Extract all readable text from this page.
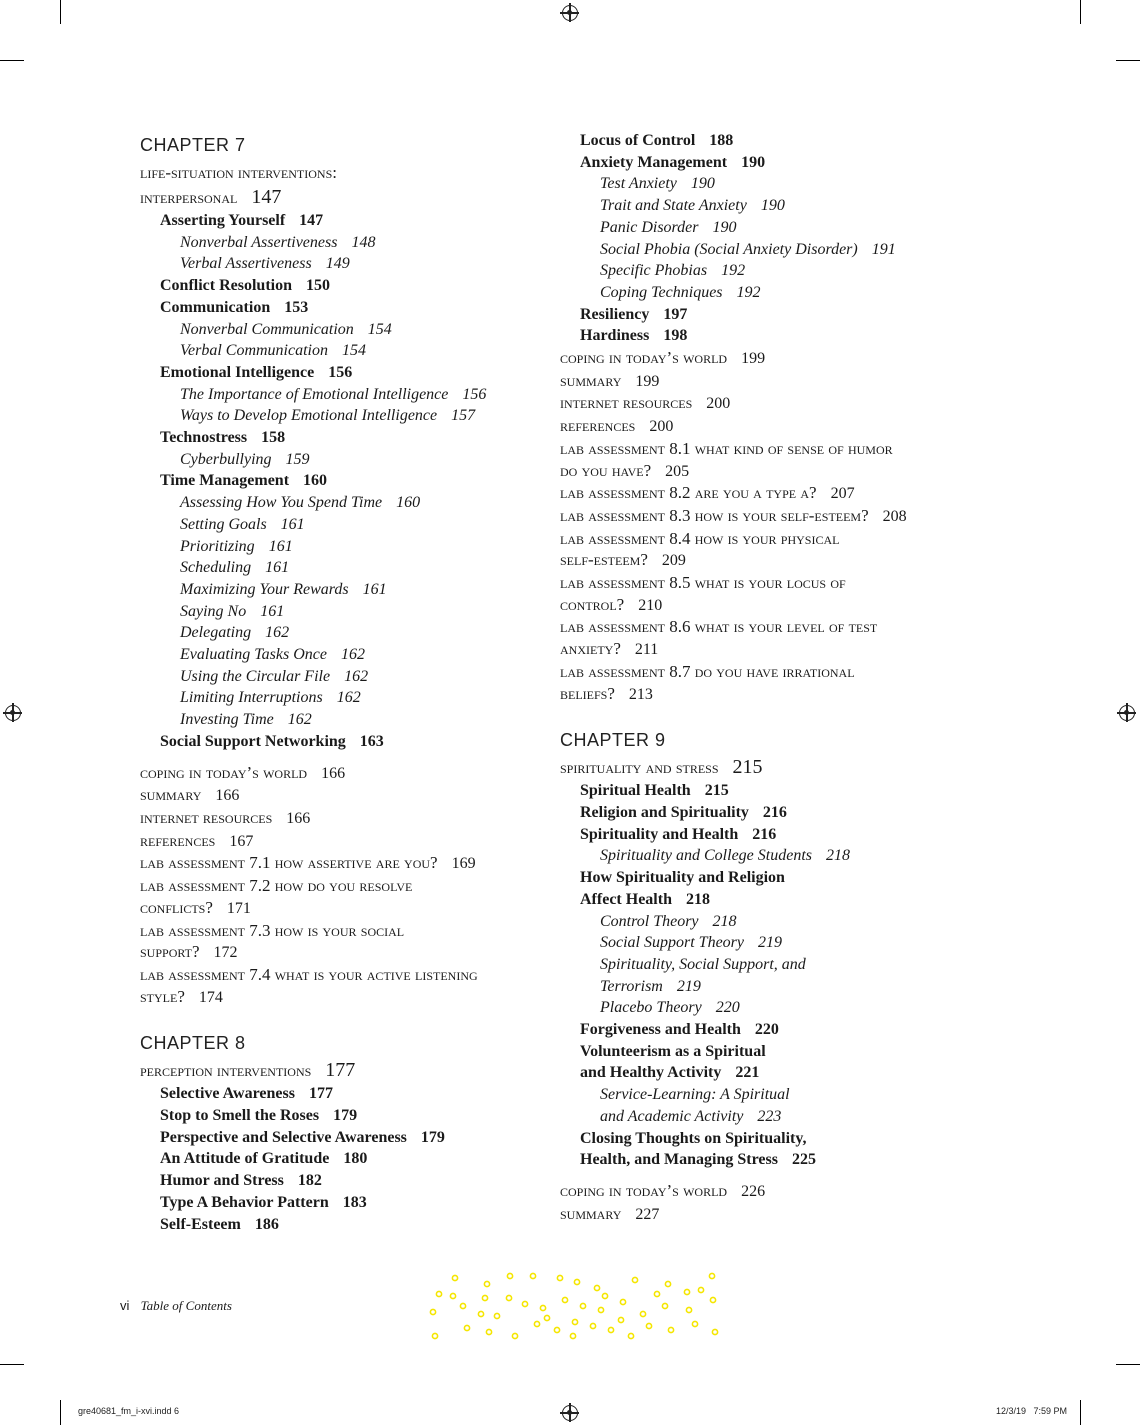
CHAPTER 7
life-situation interventions:
interpersonal 147
Asserting Yourself 147
Nonverbal Assertiveness 148
Verbal Assertiveness 149
Conflict Resolution 150
Communication 153
Nonverbal Communication 154
Verbal Communication 154
Emotional Intelligence 156
The Importance of Emotional Intelligence 156
Ways to Develop Emotional Intelligence 157
Technostress 158
Cyberbullying 159
Time Management 160
Assessing How You Spend Time 160
Setting Goals 161
Prioritizing 161
Scheduling 161
Maximizing Your Rewards 161
Saying No 161
Delegating 162
Evaluating Tasks Once 162
Using the Circular File 162
Limiting Interruptions 162
Investing Time 162
Social Support Networking 163
coping in today’s world 166
summary 166
internet resources 166
references 167
lab assessment 7.1 how assertive are you? 169
lab assessment 7.2 how do you resolve
conflicts? 171
lab assessment 7.3 how is your social
support? 172
lab assessment 7.4 what is your active listening
style? 174
CHAPTER 8
perception interventions 177
Selective Awareness 177
Stop to Smell the Roses 179
Perspective and Selective Awareness 179
An Attitude of Gratitude 180
Humor and Stress 182
Type A Behavior Pattern 183
Self-Esteem 186
Locus of Control 188
Anxiety Management 190
Test Anxiety 190
Trait and State Anxiety 190
Panic Disorder 190
Social Phobia (Social Anxiety Disorder) 191
Specific Phobias 192
Coping Techniques 192
Resiliency 197
Hardiness 198
coping in today’s world 199
summary 199
internet resources 200
references 200
lab assessment 8.1 what kind of sense of humor
do you have? 205
lab assessment 8.2 are you a type a? 207
lab assessment 8.3 how is your self-esteem? 208
lab assessment 8.4 how is your physical
self-esteem? 209
lab assessment 8.5 what is your locus of
control? 210
lab assessment 8.6 what is your level of test
anxiety? 211
lab assessment 8.7 do you have irrational
beliefs? 213
CHAPTER 9
spirituality and stress 215
Spiritual Health 215
Religion and Spirituality 216
Spirituality and Health 216
Spirituality and College Students 218
How Spirituality and Religion
Affect Health 218
Control Theory 218
Social Support Theory 219
Spirituality, Social Support, and
Terrorism 219
Placebo Theory 220
Forgiveness and Health 220
Volunteerism as a Spiritual
and Healthy Activity 221
Service-Learning: A Spiritual
and Academic Activity 223
Closing Thoughts on Spirituality,
Health, and Managing Stress 225
coping in today’s world 226
summary 227
vi Table of Contents
gre40681_fm_i-xvi.indd 6	12/3/19   7:59 PM
